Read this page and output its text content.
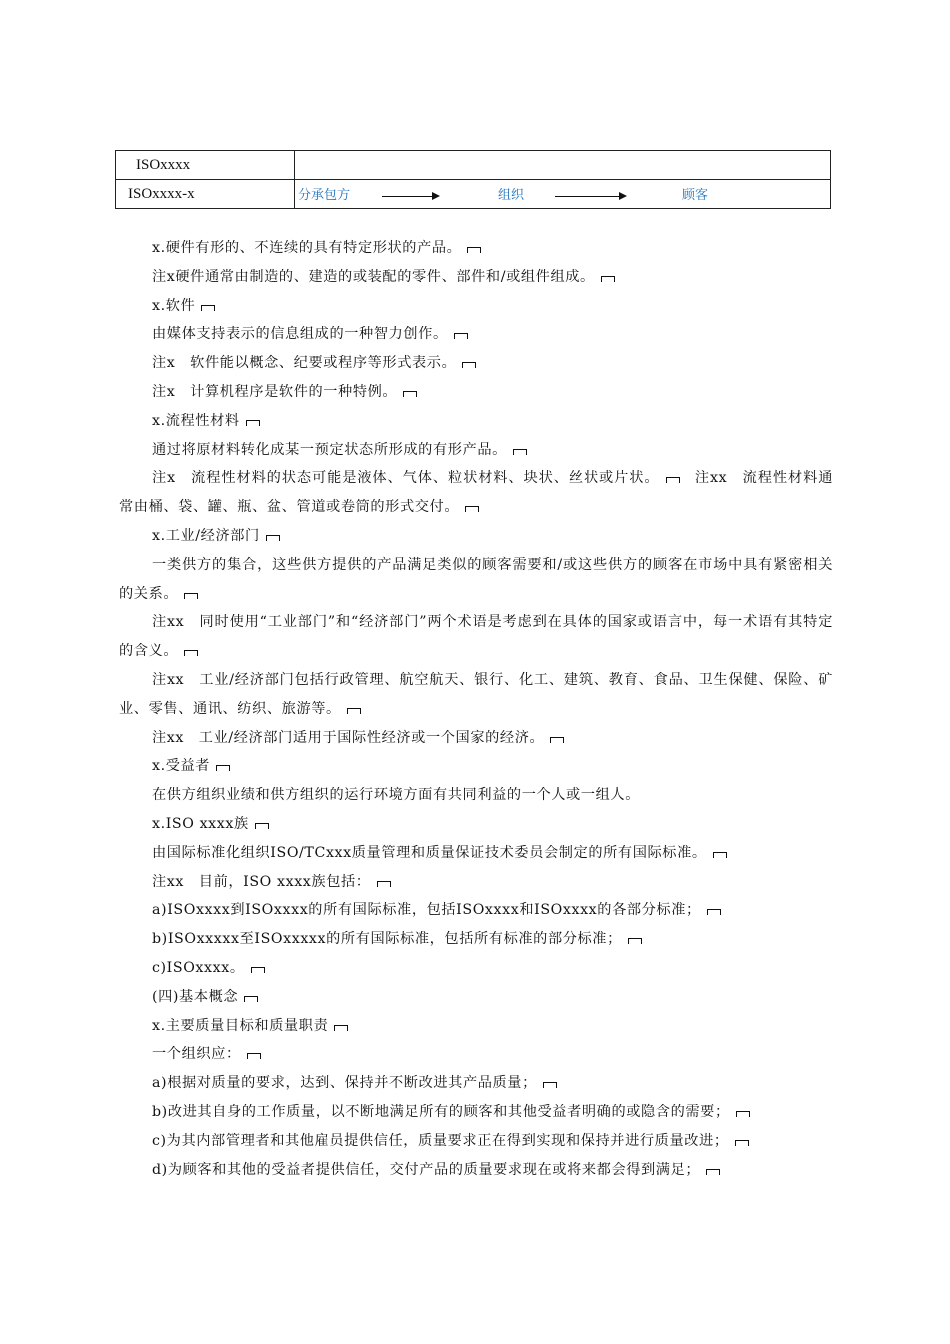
ISOxxxx	
ISOxxxx-x	分承包方 组织 顾客

x.硬件有形的、不连续的具有特定形状的产品。

注x硬件通常由制造的、建造的或装配的零件、部件和/或组件组成。

x.软件

由媒体支持表示的信息组成的一种智力创作。

注x　软件能以概念、纪要或程序等形式表示。

注x　计算机程序是软件的一种特例。

x.流程性材料

通过将原材料转化成某一预定状态所形成的有形产品。

注x　流程性材料的状态可能是液体、气体、粒状材料、块状、丝状或片状。　注xx　流程性材料通常由桶、袋、罐、瓶、盆、管道或卷筒的形式交付。

x.工业/经济部门

一类供方的集合，这些供方提供的产品满足类似的顾客需要和/或这些供方的顾客在市场中具有紧密相关的关系。

注xx　同时使用“工业部门”和“经济部门”两个术语是考虑到在具体的国家或语言中，每一术语有其特定的含义。

注xx　工业/经济部门包括行政管理、航空航天、银行、化工、建筑、教育、食品、卫生保健、保险、矿业、零售、通讯、纺织、旅游等。

注xx　工业/经济部门适用于国际性经济或一个国家的经济。

x.受益者

在供方组织业绩和供方组织的运行环境方面有共同利益的一个人或一组人。

x.ISO xxxx族

由国际标准化组织ISO/TCxxx质量管理和质量保证技术委员会制定的所有国际标准。

注xx　目前，ISO xxxx族包括：

a)ISOxxxx到ISOxxxx的所有国际标准，包括ISOxxxx和ISOxxxx的各部分标准；

b)ISOxxxxx至ISOxxxxx的所有国际标准，包括所有标准的部分标准；

c)ISOxxxx。

(四)基本概念

x.主要质量目标和质量职责

一个组织应：

a)根据对质量的要求，达到、保持并不断改进其产品质量；

b)改进其自身的工作质量，以不断地满足所有的顾客和其他受益者明确的或隐含的需要；

c)为其内部管理者和其他雇员提供信任，质量要求正在得到实现和保持并进行质量改进；

d)为顾客和其他的受益者提供信任，交付产品的质量要求现在或将来都会得到满足；
